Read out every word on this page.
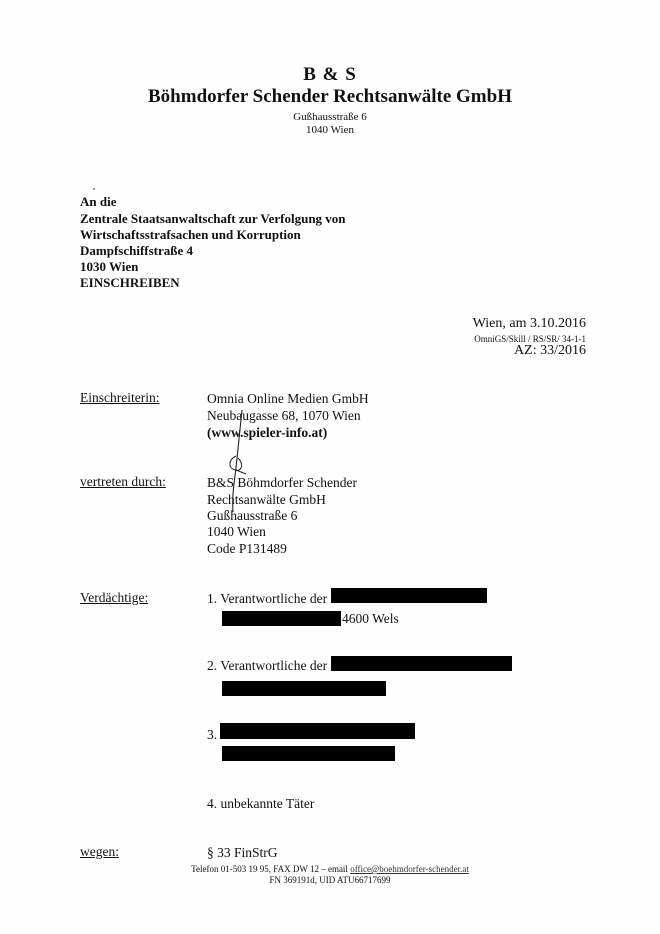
B & S
Böhmdorfer Schender Rechtsanwälte GmbH
Gußhausstraße 6
1040 Wien
An die
Zentrale Staatsanwaltschaft zur Verfolgung von
Wirtschaftsstrafsachen und Korruption
Dampfschiffstraße 4
1030 Wien
EINSCHREIBEN
Wien, am 3.10.2016
OmniGS/Skill / RS/SR/ 34-1-1
AZ: 33/2016
Einschreiterin:	Omnia Online Medien GmbH
Neubaugasse 68, 1070 Wien
(www.spieler-info.at)
vertreten durch:	B&S Böhmdorfer Schender
Rechtsanwälte GmbH
Gußhausstraße 6
1040 Wien
Code P131489
Verdächtige:	1. Verantwortliche der
4600 Wels
2. Verantwortliche der
3.
4. unbekannte Täter
wegen:	§ 33 FinStrG
Telefon 01-503 19 95, FAX DW 12 – email office@boehmdorfer-schender.at
FN 369191d, UID ATU66717699
